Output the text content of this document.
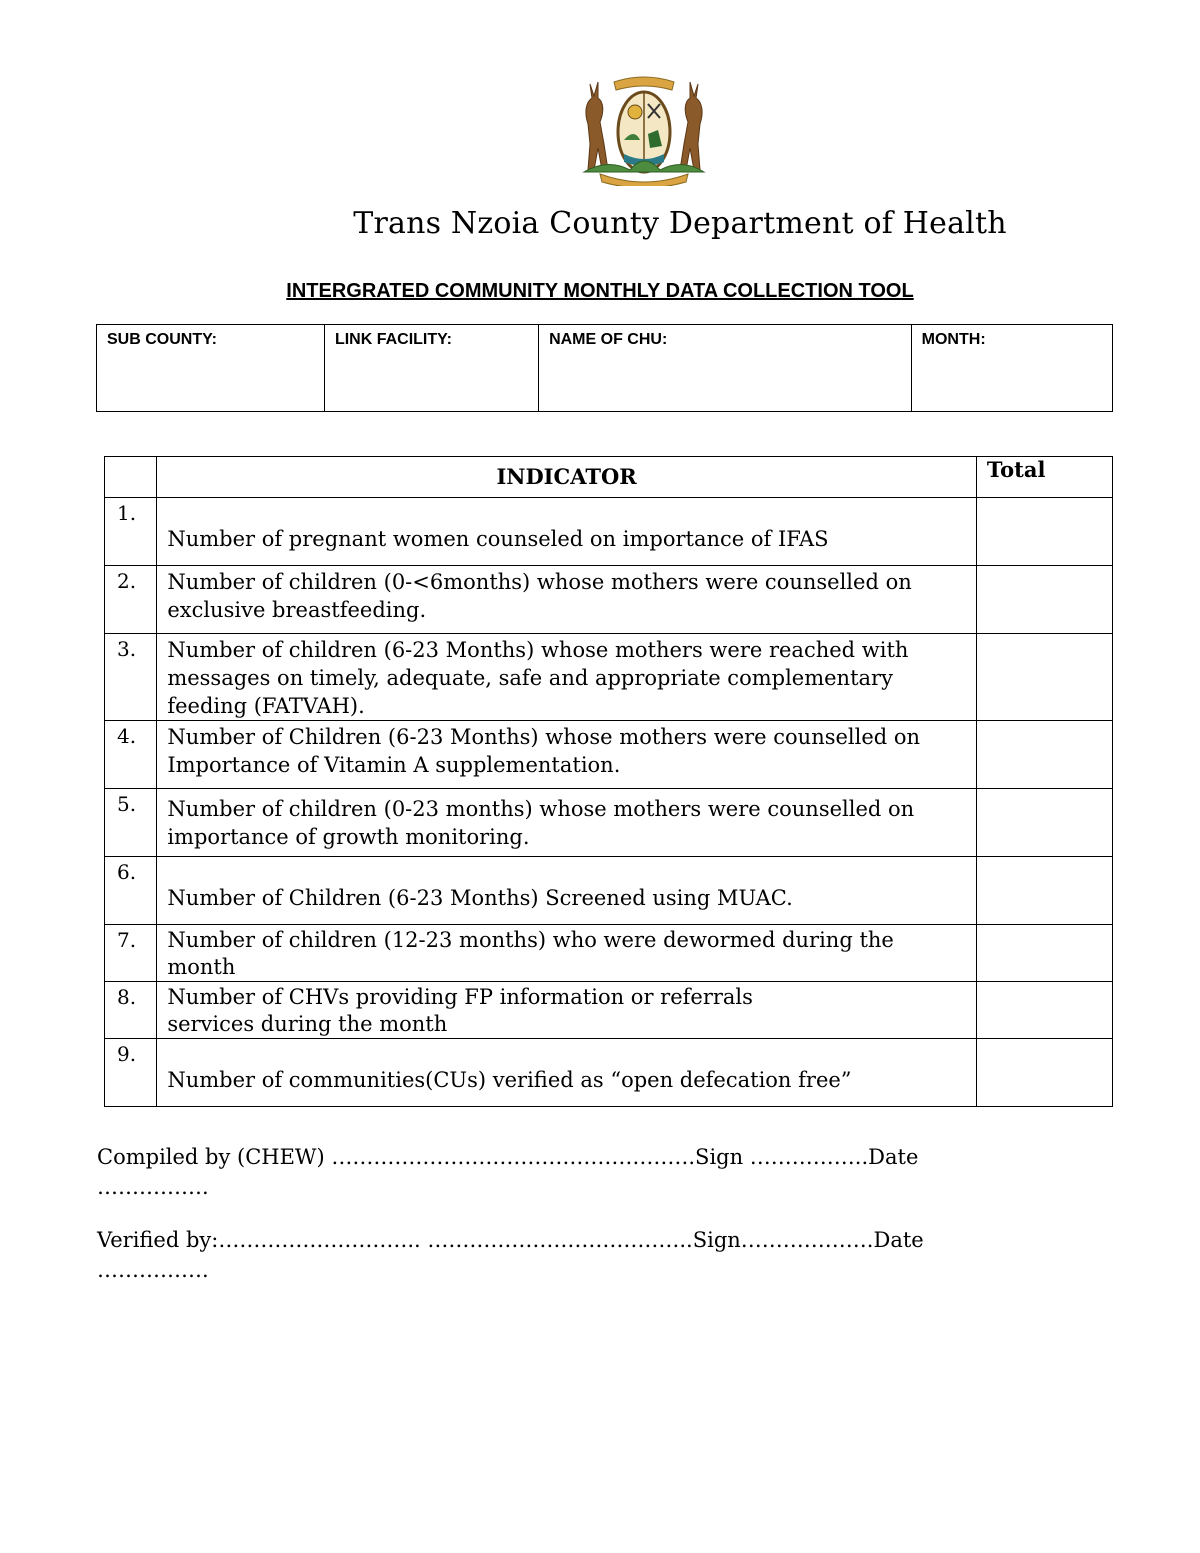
Trans Nzoia County Department of Health
INTERGRATED COMMUNITY MONTHLY DATA COLLECTION TOOL
SUB COUNTY:	LINK FACILITY:	NAME OF CHU:	MONTH:
	INDICATOR	Total
1.	Number of pregnant women counseled on importance of IFAS	
2.	Number of children (0-<6months) whose mothers were counselled on exclusive breastfeeding.	
3.	Number of children (6-23 Months) whose mothers were reached with messages on timely, adequate, safe and appropriate complementary feeding (FATVAH).	
4.	Number of Children (6-23 Months) whose mothers were counselled on Importance of Vitamin A supplementation.	
5.	Number of children (0-23 months) whose mothers were counselled on importance of growth monitoring.	
6.	Number of Children (6-23 Months) Screened using MUAC.	
7.	Number of children (12-23 months) who were dewormed during the month	
8.	Number of CHVs providing FP information or referrals services during the month	
9.	Number of communities(CUs) verified as “open defecation free”	
Compiled by (CHEW) …………………………………………….Sign ……………..Date
…………….
Verified by:……………………….. ………………………………..Sign……………….Date
…………….
